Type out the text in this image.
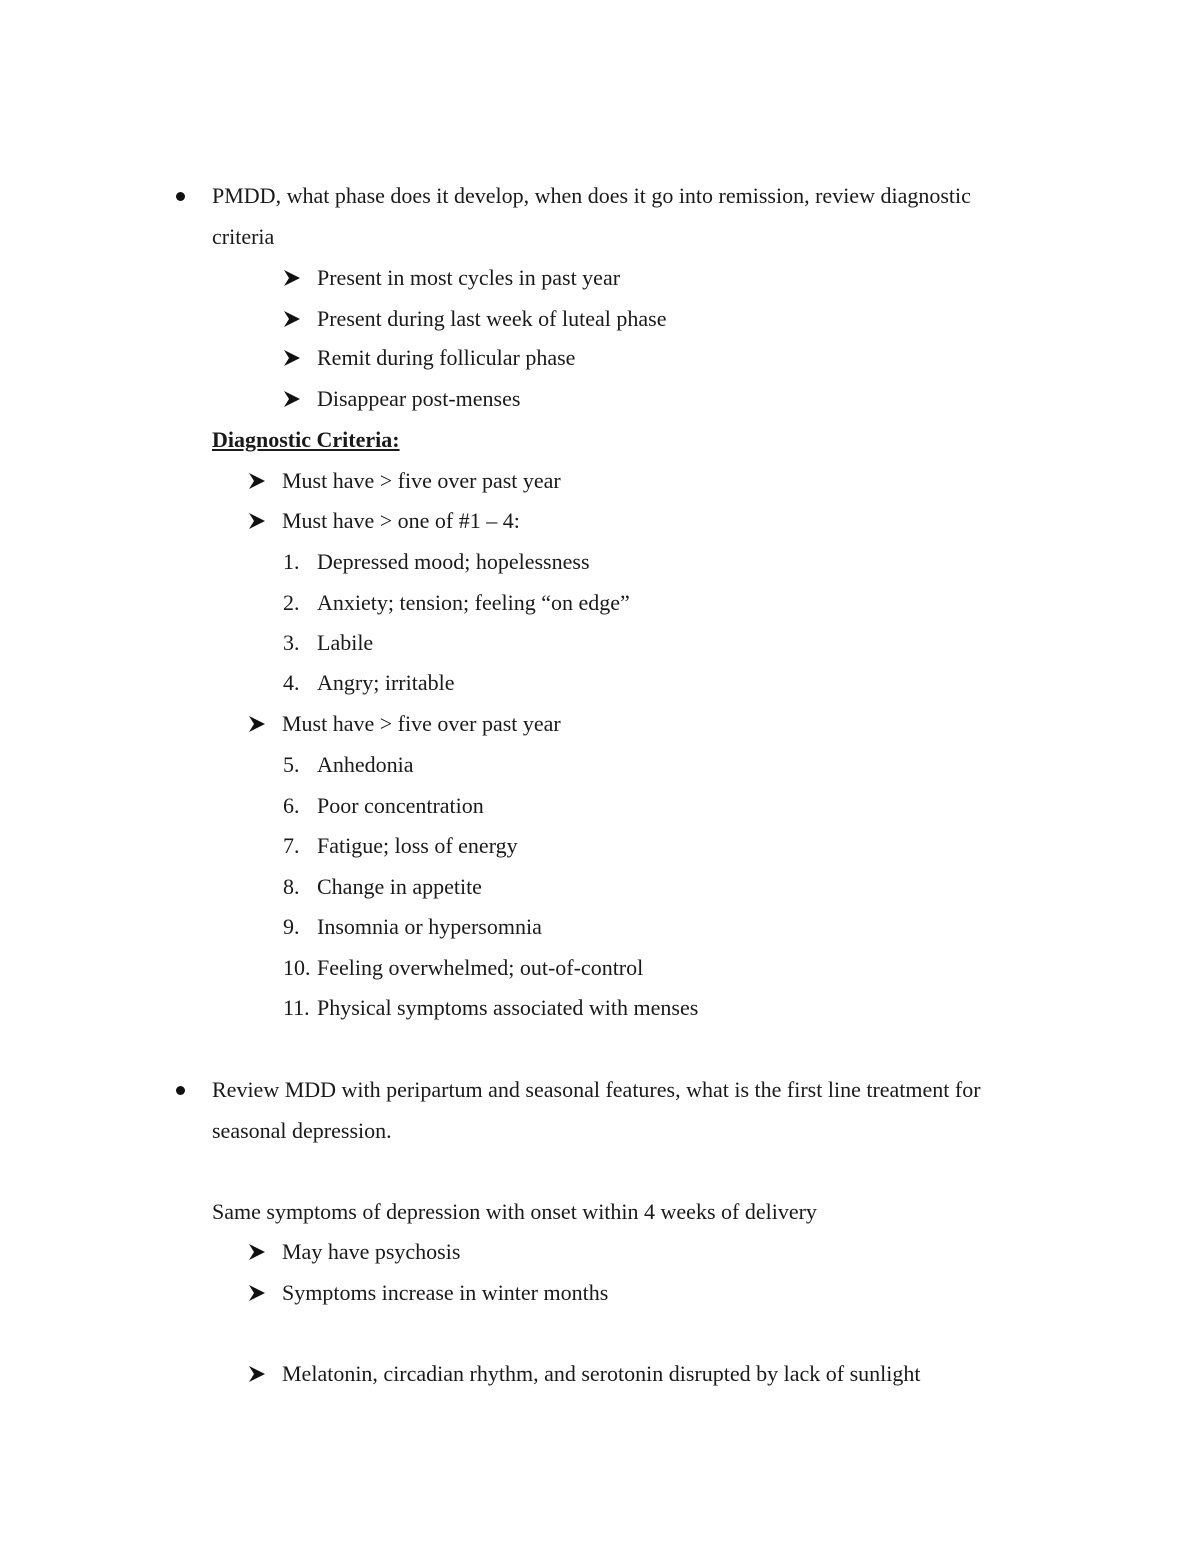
PMDD, what phase does it develop, when does it go into remission, review diagnostic
criteria
Present in most cycles in past year
Present during last week of luteal phase
Remit during follicular phase
Disappear post-menses
Diagnostic Criteria:
Must have > five over past year
Must have > one of #1 – 4:
1. Depressed mood; hopelessness
2. Anxiety; tension; feeling “on edge”
3. Labile
4. Angry; irritable
Must have > five over past year
5. Anhedonia
6. Poor concentration
7. Fatigue; loss of energy
8. Change in appetite
9. Insomnia or hypersomnia
10. Feeling overwhelmed; out-of-control
11. Physical symptoms associated with menses
Review MDD with peripartum and seasonal features, what is the first line treatment for
seasonal depression.
Same symptoms of depression with onset within 4 weeks of delivery
May have psychosis
Symptoms increase in winter months
Melatonin, circadian rhythm, and serotonin disrupted by lack of sunlight
